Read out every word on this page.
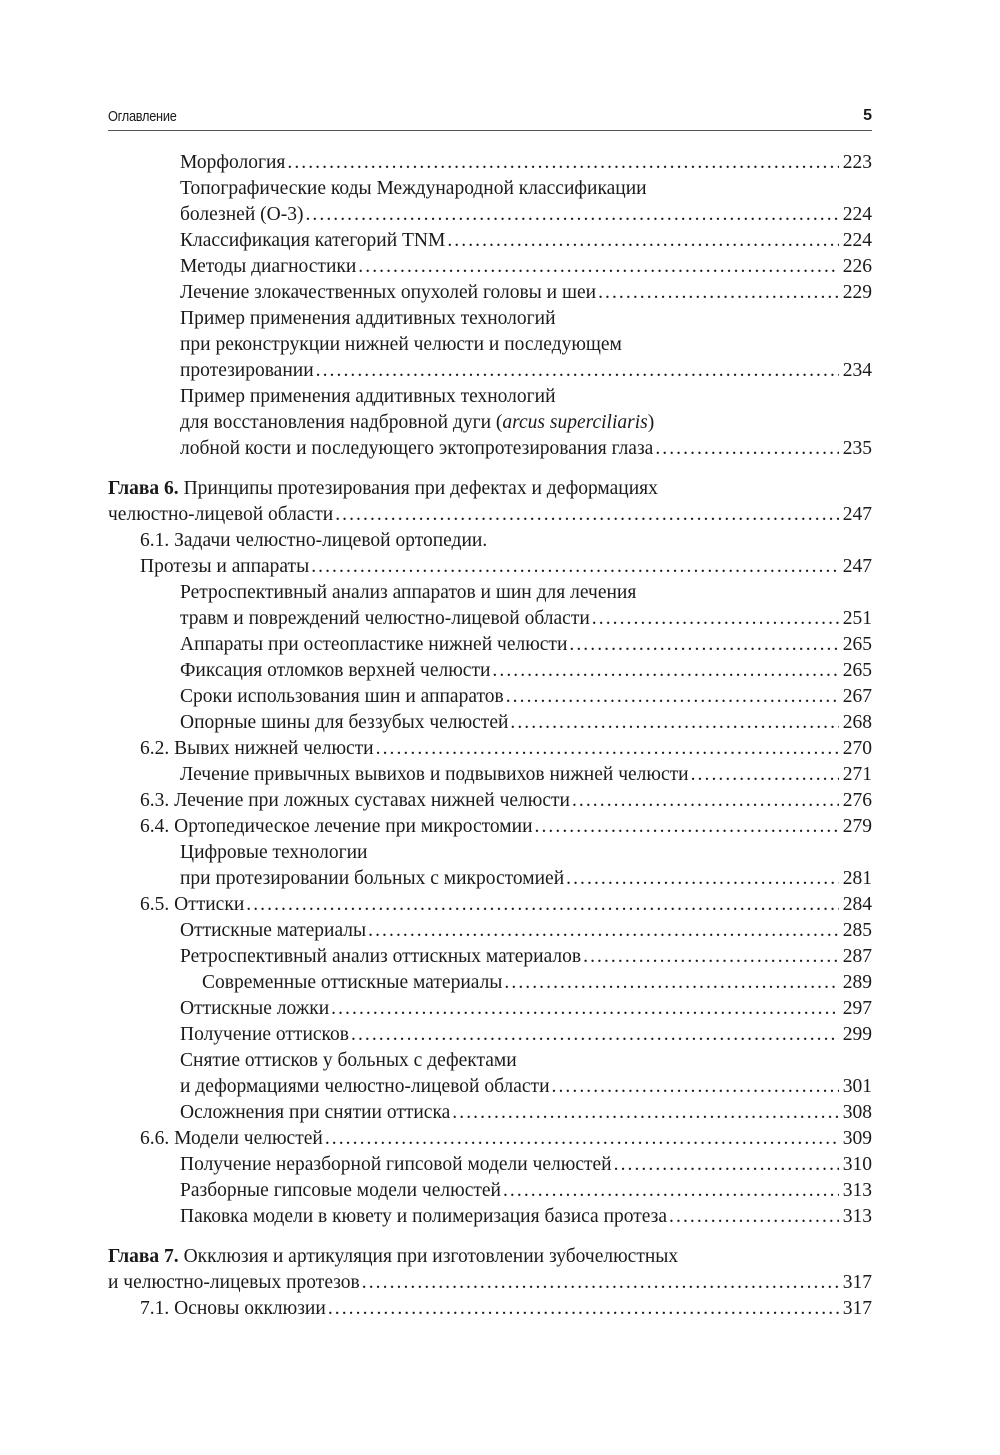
Оглавление	5
Морфология . . .	223
Топографические коды Международной классификации
болезней (О-3) . . .	224
Классификация категорий TNM . . .	224
Методы диагностики . . .	226
Лечение злокачественных опухолей головы и шеи . . .	229
Пример применения аддитивных технологий
при реконструкции нижней челюсти и последующем
протезировании . . .	234
Пример применения аддитивных технологий
для восстановления надбровной дуги (arcus superciliaris)
лобной кости и последующего эктопротезирования глаза . . .	235
Глава 6. Принципы протезирования при дефектах и деформациях
челюстно-лицевой области . . .	247
6.1. Задачи челюстно-лицевой ортопедии.
Протезы и аппараты . . .	247
Ретроспективный анализ аппаратов и шин для лечения
травм и повреждений челюстно-лицевой области . . .	251
Аппараты при остеопластике нижней челюсти . . .	265
Фиксация отломков верхней челюсти . . .	265
Сроки использования шин и аппаратов . . .	267
Опорные шины для беззубых челюстей . . .	268
6.2. Вывих нижней челюсти . . .	270
Лечение привычных вывихов и подвывихов нижней челюсти . . .	271
6.3. Лечение при ложных суставах нижней челюсти . . .	276
6.4. Ортопедическое лечение при микростомии . . .	279
Цифровые технологии
при протезировании больных с микростомией . . .	281
6.5. Оттиски . . .	284
Оттискные материалы . . .	285
Ретроспективный анализ оттискных материалов . . .	287
Современные оттискные материалы . . .	289
Оттискные ложки . . .	297
Получение оттисков . . .	299
Снятие оттисков у больных с дефектами
и деформациями челюстно-лицевой области . . .	301
Осложнения при снятии оттиска . . .	308
6.6. Модели челюстей . . .	309
Получение неразборной гипсовой модели челюстей . . .	310
Разборные гипсовые модели челюстей . . .	313
Паковка модели в кювету и полимеризация базиса протеза . . .	313
Глава 7. Окклюзия и артикуляция при изготовлении зубочелюстных
и челюстно-лицевых протезов . . .	317
7.1. Основы окклюзии . . .	317
